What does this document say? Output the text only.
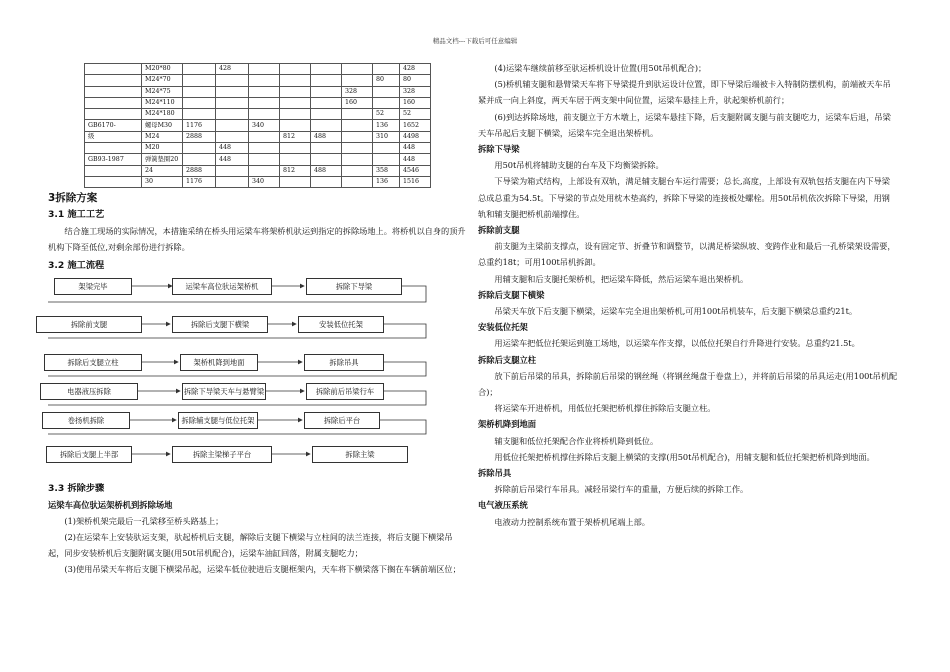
精品文档---下载后可任意编辑
	M20*80		428						428
	M24*70							80	80
	M24*75						328		328
	M24*110						160		160
	M24*180							52	52
GB6170-	螺母M30	1176		340				136	1652
级	M24	2888			812	488		310	4498
	M20		448						448
GB93-1987	弹簧垫圈20		448						448
	24	2888			812	488		358	4546
	30	1176		340				136	1516
3拆除方案
3.1 施工工艺

结合施工现场的实际情况，本措施采纳在桥头用运梁车将架桥机驮运到指定的拆除场地上。将桥机以自身的顶升机构下降至低位,对剩余部份进行拆除。

3.2 施工流程
架梁完毕	运梁车高位驮运架桥机	拆除下导梁
拆除前支腿	拆除后支腿下横梁	安装低位托架
拆除后支腿立柱	架桥机降到地面	拆除吊具
电器液压拆除	拆除下导梁天车与悬臂梁	拆除前后吊梁行车
卷扬机拆除	拆除辅支腿与低位托架	拆除后平台
拆除后支腿上半部	拆除主梁梯子平台	拆除主梁
3.3 拆除步骤

运梁车高位驮运架桥机到拆除场地

(1)架桥机架完最后一孔梁移至桥头路基上；

(2)在运梁车上安装驮运支架，驮起桥机后支腿，解除后支腿下横梁与立柱间的法兰连接，将后支腿下横梁吊起，同步安装桥机后支腿附属支腿(用50t吊机配合)，运梁车油缸回落，附属支腿吃力；

(3)使用吊梁天车将后支腿下横梁吊起，运梁车低位驶进后支腿框架内，天车将下横梁落下搁在车辆前端区位；

(4)运梁车继续前移至驮运桥机设计位置(用50t吊机配合)；

(5)桥机辅支腿和悬臂梁天车将下导梁提升到驮运设计位置，即下导梁后端被卡入特制防摆机构，前端被天车吊紧并成一向上斜度，两天车居于两支架中间位置，运梁车悬挂上升，驮起架桥机前行；

(6)到达拆除场地，前支腿立于方木墩上，运梁车悬挂下降，后支腿附属支腿与前支腿吃力，运梁车后退，吊梁天车吊起后支腿下横梁，运梁车完全退出架桥机。

拆除下导梁

用50t吊机将辅助支腿的台车及下均衡梁拆除。

下导梁为箱式结构，上部设有双轨，满足辅支腿台车运行需要；总长,高度，上部设有双轨包括支腿在内下导梁总成总重为54.5t。下导梁的节点处用枕木垫高约，拆除下导梁的连接板处螺栓。用50t吊机依次拆除下导梁，用钢轨和辅支腿把桥机前端撑住。

拆除前支腿

前支腿为主梁前支撑点，设有固定节、折叠节和调整节，以满足桥梁纵坡、变跨作业和最后一孔桥梁架设需要，总重约18t；可用100t吊机拆卸。

用辅支腿和后支腿托架桥机，把运梁车降低，然后运梁车退出架桥机。

拆除后支腿下横梁

吊梁天车放下后支腿下横梁，运梁车完全退出架桥机,可用100t吊机装车，后支腿下横梁总重约21t。

安装低位托架

用运梁车把低位托架运到施工场地，以运梁车作支撑，以低位托架自行升降进行安装。总重约21.5t。

拆除后支腿立柱

放下前后吊梁的吊具，拆除前后吊梁的钢丝绳（将钢丝绳盘于卷盘上），并将前后吊梁的吊具运走(用100t吊机配合)；

将运梁车开进桥机，用低位托架把桥机撑住拆除后支腿立柱。

架桥机降到地面

辅支腿和低位托架配合作业将桥机降到低位。

用低位托架把桥机撑住拆除后支腿上横梁的支撑(用50t吊机配合)，用辅支腿和低位托架把桥机降到地面。

拆除吊具

拆除前后吊梁行车吊具。减轻吊梁行车的重量，方便后续的拆除工作。

电气液压系统

电液动力控制系统布置于架桥机尾端上部。
